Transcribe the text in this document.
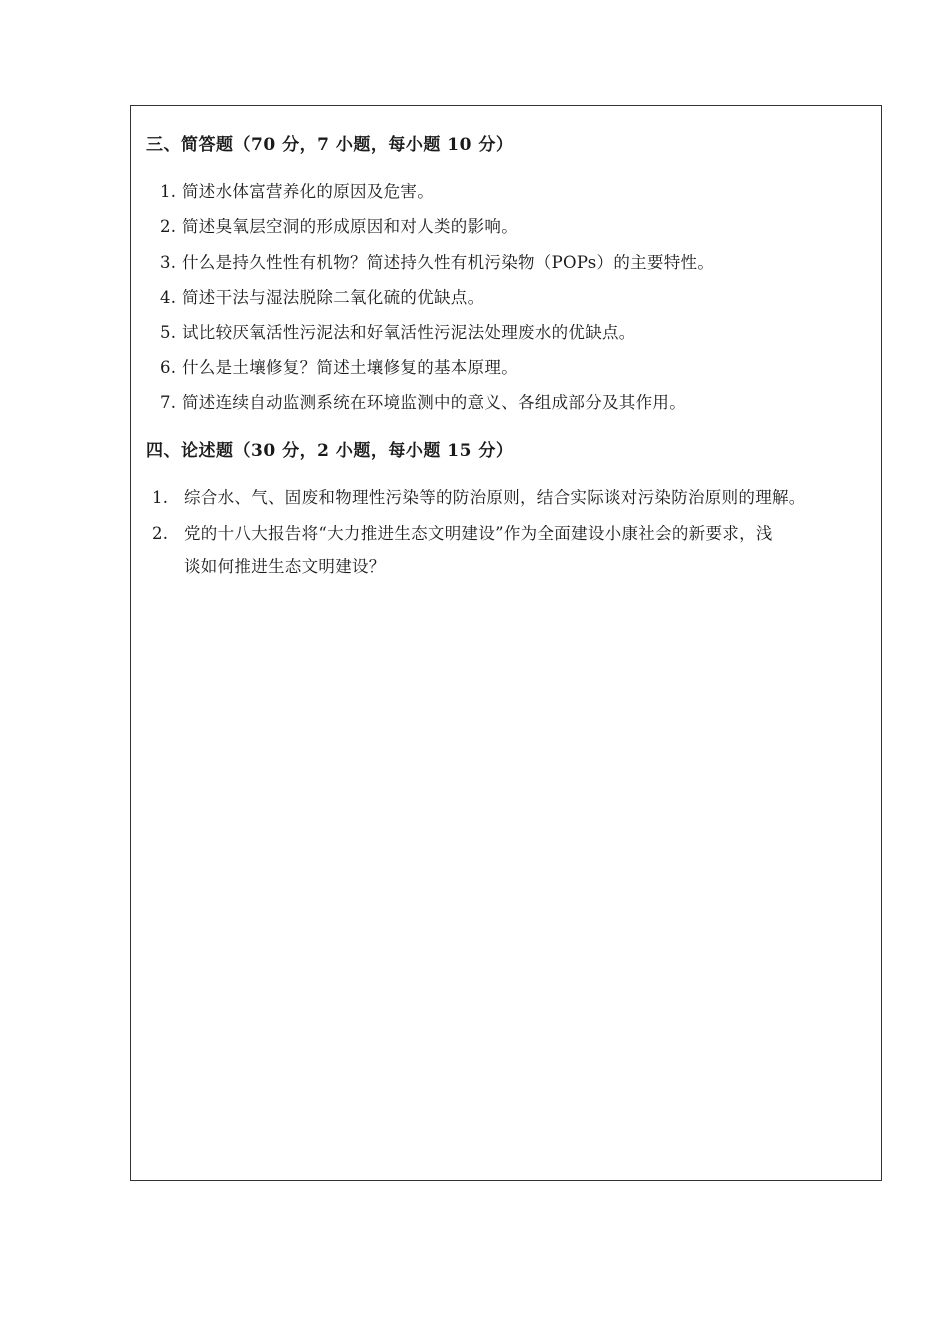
三、简答题（70 分，7 小题，每小题 10 分）
1. 简述水体富营养化的原因及危害。
2. 简述臭氧层空洞的形成原因和对人类的影响。
3. 什么是持久性性有机物？简述持久性有机污染物（POPs）的主要特性。
4. 简述干法与湿法脱除二氧化硫的优缺点。
5. 试比较厌氧活性污泥法和好氧活性污泥法处理废水的优缺点。
6. 什么是土壤修复？简述土壤修复的基本原理。
7. 简述连续自动监测系统在环境监测中的意义、各组成部分及其作用。
四、论述题（30 分，2 小题，每小题 15 分）
1. 综合水、气、固废和物理性污染等的防治原则，结合实际谈对污染防治原则的理解。
2. 党的十八大报告将“大力推进生态文明建设”作为全面建设小康社会的新要求，浅
谈如何推进生态文明建设？
